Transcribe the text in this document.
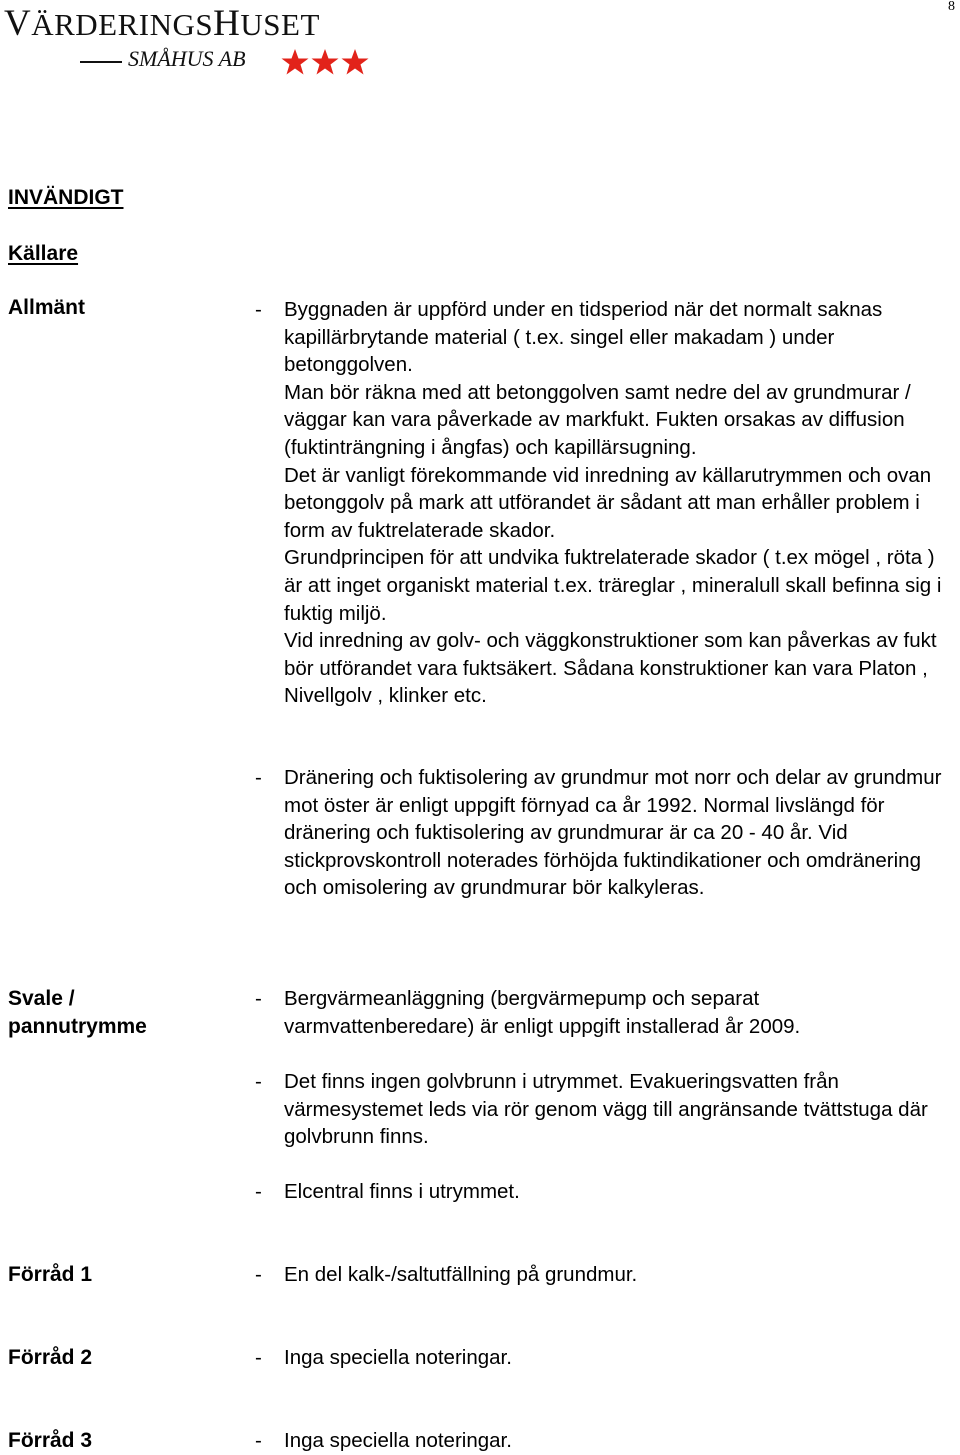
8
VÄRDERINGSHUSET
SMÅHUS AB
INVÄNDIGT
Källare
Allmänt	- Byggnaden är uppförd under en tidsperiod när det normalt saknas kapillärbrytande material ( t.ex. singel eller makadam ) under betonggolven.
Man bör räkna med att betonggolven samt nedre del av grundmurar / väggar kan vara påverkade av markfukt. Fukten orsakas av diffusion (fuktinträngning i ångfas) och kapillärsugning.
Det är vanligt förekommande vid inredning av källarutrymmen och ovan betonggolv på mark att utförandet är sådant att man erhåller problem i form av fuktrelaterade skador.
Grundprincipen för att undvika fuktrelaterade skador ( t.ex mögel , röta ) är att inget organiskt material t.ex. träreglar , mineralull skall befinna sig i fuktig miljö.
Vid inredning av golv- och väggkonstruktioner som kan påverkas av fukt bör utförandet vara fuktsäkert. Sådana konstruktioner kan vara Platon , Nivellgolv , klinker etc.
- Dränering och fuktisolering av grundmur mot norr och delar av grundmur mot öster är enligt uppgift förnyad ca år 1992. Normal livslängd för dränering och fuktisolering av grundmurar är ca 20 - 40 år. Vid stickprovskontroll noterades förhöjda fuktindikationer och omdränering och omisolering av grundmurar bör kalkyleras.
Svale /
pannutrymme
- Bergvärmeanläggning (bergvärmepump och separat varmvattenberedare) är enligt uppgift installerad år 2009.
- Det finns ingen golvbrunn i utrymmet. Evakueringsvatten från värmesystemet leds via rör genom vägg till angränsande tvättstuga där golvbrunn finns.
- Elcentral finns i utrymmet.
Förråd 1	- En del kalk-/saltutfällning på grundmur.
Förråd 2	- Inga speciella noteringar.
Förråd 3	- Inga speciella noteringar.
